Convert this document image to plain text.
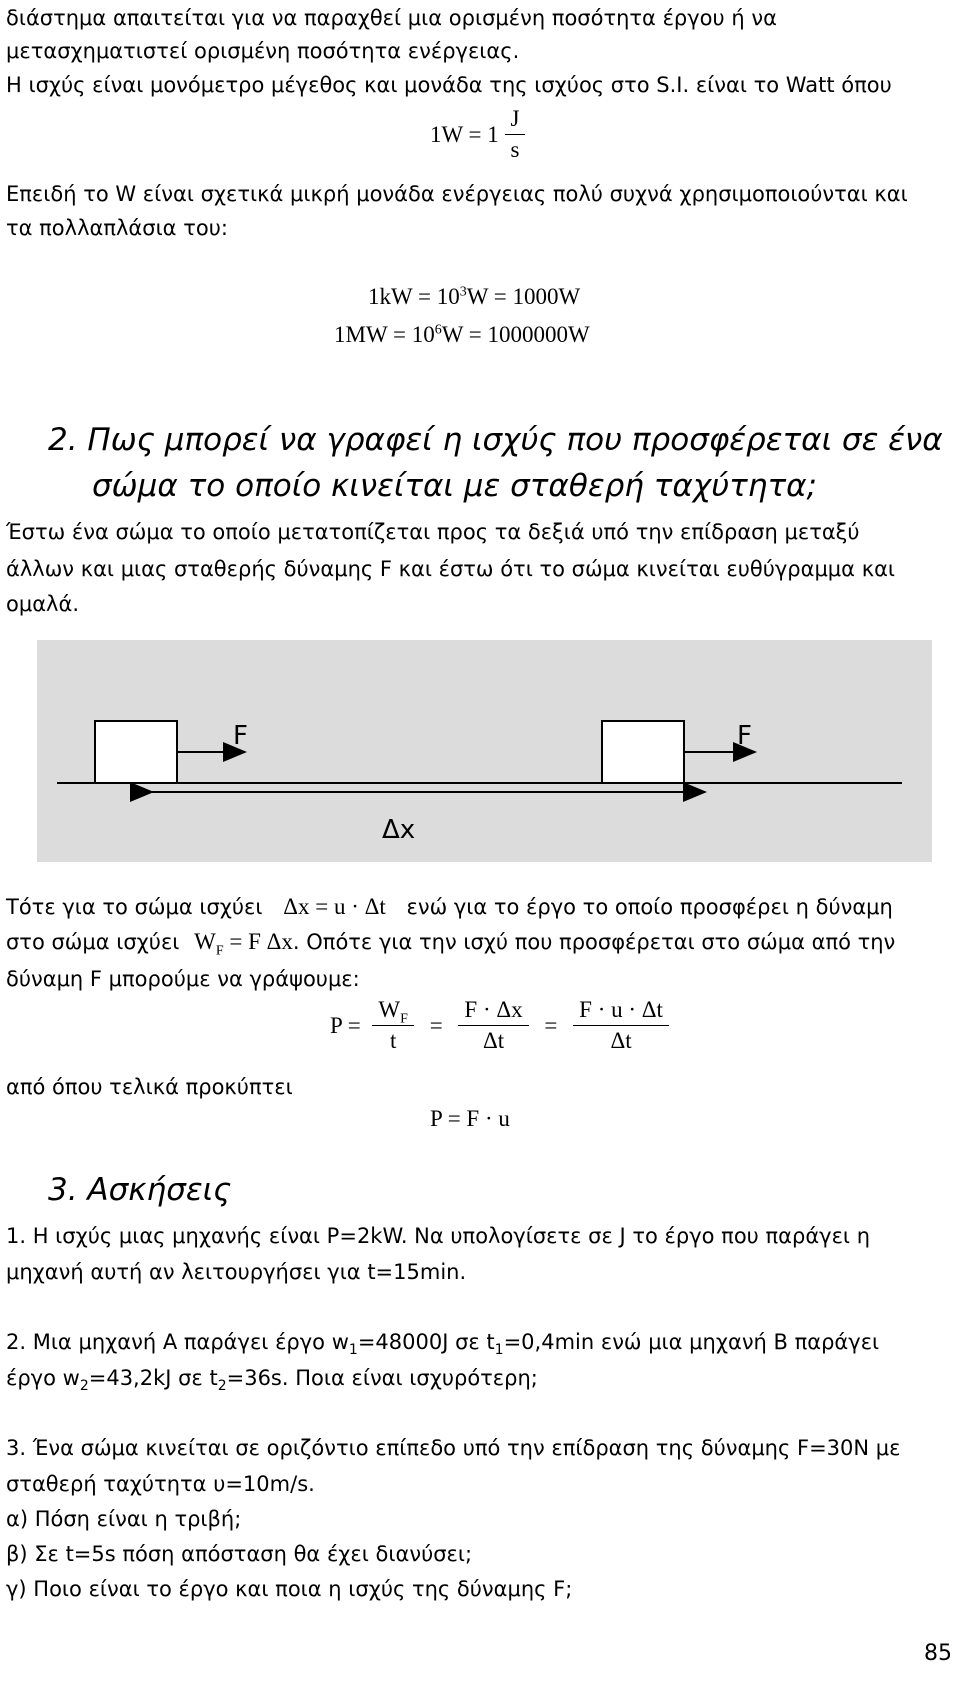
διάστημα απαιτείται για να παραχθεί μια ορισμένη ποσότητα έργου ή να
μετασχηματιστεί ορισμένη ποσότητα ενέργειας.
Η ισχύς είναι μονόμετρο μέγεθος και μονάδα της ισχύος στο S.I. είναι το Watt όπου
$1W = 1 \frac{J}{s}$
Επειδή το W είναι σχετικά μικρή μονάδα ενέργειας πολύ συχνά χρησιμοποιούνται και
τα πολλαπλάσια του:
$1kW = 10^3W = 1000W$
$1MW = 10^6W = 1000000W$
2. Πως μπορεί να γραφεί η ισχύς που προσφέρεται σε ένα
σώμα το οποίο κινείται με σταθερή ταχύτητα;
Έστω ένα σώμα το οποίο μετατοπίζεται προς τα δεξιά υπό την επίδραση μεταξύ
άλλων και μιας σταθερής δύναμης F και έστω ότι το σώμα κινείται ευθύγραμμα και
ομαλά.
F	F
Δx
Τότε για το σώμα ισχύει Δx = u · Δt ενώ για το έργο το οποίο προσφέρει η δύναμη
στο σώμα ισχύει $W_F = F$ Δx. Οπότε για την ισχύ που προσφέρεται στο σώμα από την
δύναμη F μπορούμε να γράψουμε:
$P = \frac{W_F}{t} = \frac{F \cdot \Delta x}{\Delta t} = \frac{F \cdot u \cdot \Delta t}{\Delta t}$
από όπου τελικά προκύπτει
P = F · u
3. Ασκήσεις
1. Η ισχύς μιας μηχανής είναι P=2kW. Να υπολογίσετε σε J το έργο που παράγει η
μηχανή αυτή αν λειτουργήσει για t=15min.
2. Μια μηχανή Α παράγει έργο $w_1=48000J$ σε $t_1=0,4\min$ ενώ μια μηχανή Β παράγει
έργο $w_2=43,2kJ$ σε $t_2=36s$. Ποια είναι ισχυρότερη;
3. Ένα σώμα κινείται σε οριζόντιο επίπεδο υπό την επίδραση της δύναμης F=30N με
σταθερή ταχύτητα υ=10m/s.
α) Πόση είναι η τριβή;
β) Σε t=5s πόση απόσταση θα έχει διανύσει;
γ) Ποιο είναι το έργο και ποια η ισχύς της δύναμης F;
85
